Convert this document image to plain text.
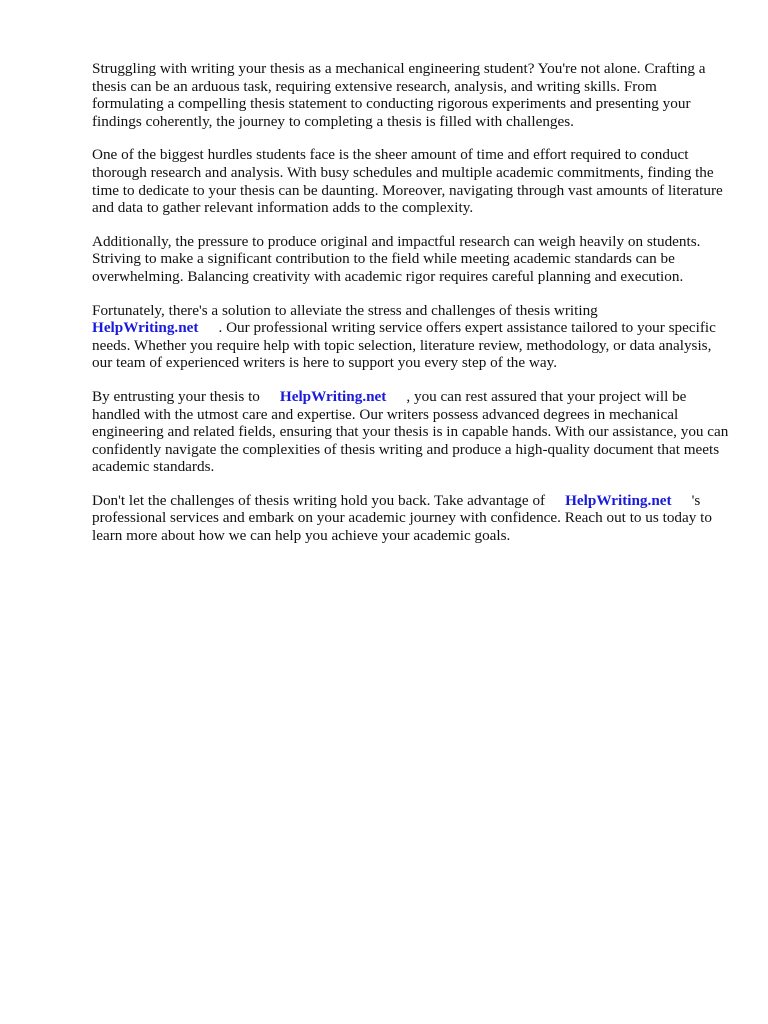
Struggling with writing your thesis as a mechanical engineering student? You're not alone. Crafting a thesis can be an arduous task, requiring extensive research, analysis, and writing skills. From formulating a compelling thesis statement to conducting rigorous experiments and presenting your findings coherently, the journey to completing a thesis is filled with challenges.

One of the biggest hurdles students face is the sheer amount of time and effort required to conduct thorough research and analysis. With busy schedules and multiple academic commitments, finding the time to dedicate to your thesis can be daunting. Moreover, navigating through vast amounts of literature and data to gather relevant information adds to the complexity.

Additionally, the pressure to produce original and impactful research can weigh heavily on students. Striving to make a significant contribution to the field while meeting academic standards can be overwhelming. Balancing creativity with academic rigor requires careful planning and execution.

Fortunately, there's a solution to alleviate the stress and challenges of thesis writing
HelpWriting.net . Our professional writing service offers expert assistance tailored to your specific needs. Whether you require help with topic selection, literature review, methodology, or data analysis, our team of experienced writers is here to support you every step of the way.

By entrusting your thesis to HelpWriting.net , you can rest assured that your project will be handled with the utmost care and expertise. Our writers possess advanced degrees in mechanical engineering and related fields, ensuring that your thesis is in capable hands. With our assistance, you can confidently navigate the complexities of thesis writing and produce a high-quality document that meets academic standards.

Don't let the challenges of thesis writing hold you back. Take advantage of HelpWriting.net 's professional services and embark on your academic journey with confidence. Reach out to us today to learn more about how we can help you achieve your academic goals.
